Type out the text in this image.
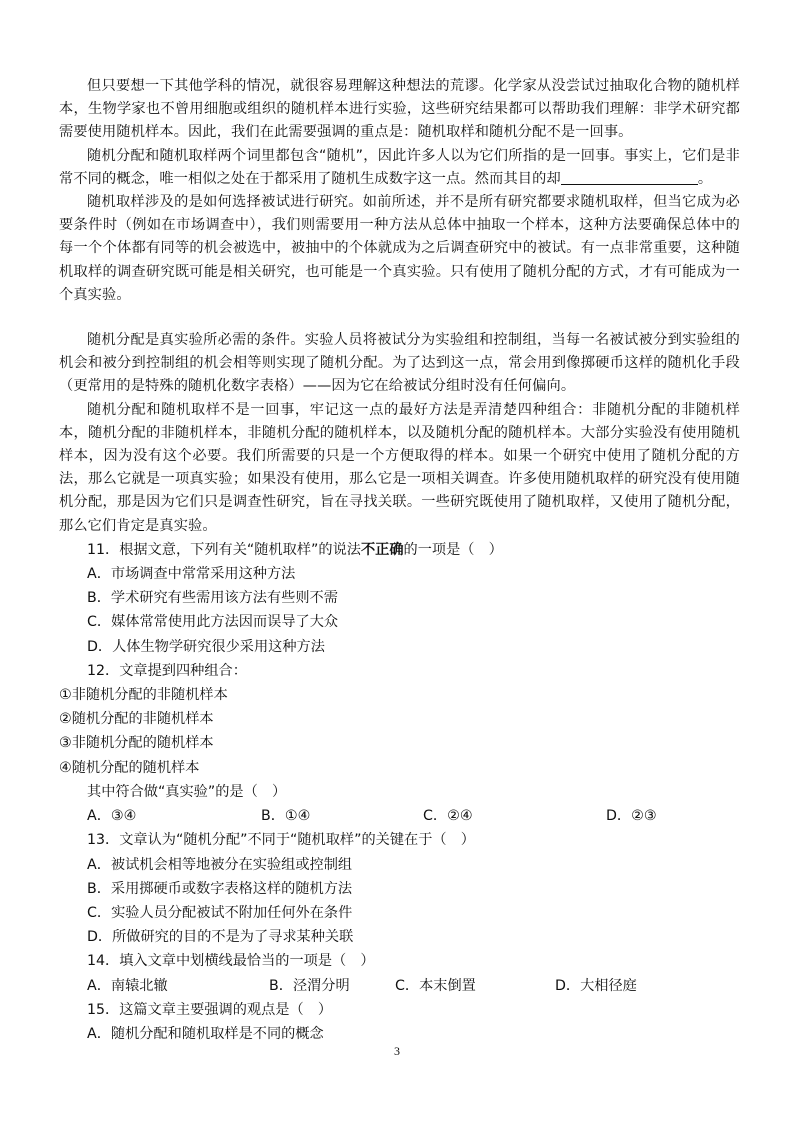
但只要想一下其他学科的情况，就很容易理解这种想法的荒谬。化学家从没尝试过抽取化合物的随机样本，生物学家也不曾用细胞或组织的随机样本进行实验，这些研究结果都可以帮助我们理解：非学术研究都需要使用随机样本。因此，我们在此需要强调的重点是：随机取样和随机分配不是一回事。

随机分配和随机取样两个词里都包含“随机”，因此许多人以为它们所指的是一回事。事实上，它们是非常不同的概念，唯一相似之处在于都采用了随机生成数字这一点。然而其目的却	。

随机取样涉及的是如何选择被试进行研究。如前所述，并不是所有研究都要求随机取样，但当它成为必要条件时（例如在市场调查中），我们则需要用一种方法从总体中抽取一个样本，这种方法要确保总体中的每一个个体都有同等的机会被选中，被抽中的个体就成为之后调查研究中的被试。有一点非常重要，这种随机取样的调查研究既可能是相关研究，也可能是一个真实验。只有使用了随机分配的方式，才有可能成为一个真实验。

随机分配是真实验所必需的条件。实验人员将被试分为实验组和控制组，当每一名被试被分到实验组的机会和被分到控制组的机会相等则实现了随机分配。为了达到这一点，常会用到像掷硬币这样的随机化手段（更常用的是特殊的随机化数字表格）——因为它在给被试分组时没有任何偏向。

随机分配和随机取样不是一回事，牢记这一点的最好方法是弄清楚四种组合：非随机分配的非随机样本，随机分配的非随机样本，非随机分配的随机样本，以及随机分配的随机样本。大部分实验没有使用随机样本，因为没有这个必要。我们所需要的只是一个方便取得的样本。如果一个研究中使用了随机分配的方法，那么它就是一项真实验；如果没有使用，那么它是一项相关调查。许多使用随机取样的研究没有使用随机分配，那是因为它们只是调查性研究，旨在寻找关联。一些研究既使用了随机取样，又使用了随机分配，那么它们肯定是真实验。

11．根据文意，下列有关“随机取样”的说法不正确的一项是（　）

A．市场调查中常常采用这种方法

B．学术研究有些需用该方法有些则不需

C．媒体常常使用此方法因而误导了大众

D．人体生物学研究很少采用这种方法

12．文章提到四种组合：

①非随机分配的非随机样本

②随机分配的非随机样本

③非随机分配的随机样本

④随机分配的随机样本

其中符合做“真实验”的是（　）

A．③④	B．①④	C．②④	D．②③

13．文章认为“随机分配”不同于“随机取样”的关键在于（　）

A．被试机会相等地被分在实验组或控制组

B．采用掷硬币或数字表格这样的随机方法

C．实验人员分配被试不附加任何外在条件

D．所做研究的目的不是为了寻求某种关联

14．填入文章中划横线最恰当的一项是（　）

A．南辕北辙	B．泾渭分明	C．本末倒置	D．大相径庭

15．这篇文章主要强调的观点是（　）

A．随机分配和随机取样是不同的概念

3
